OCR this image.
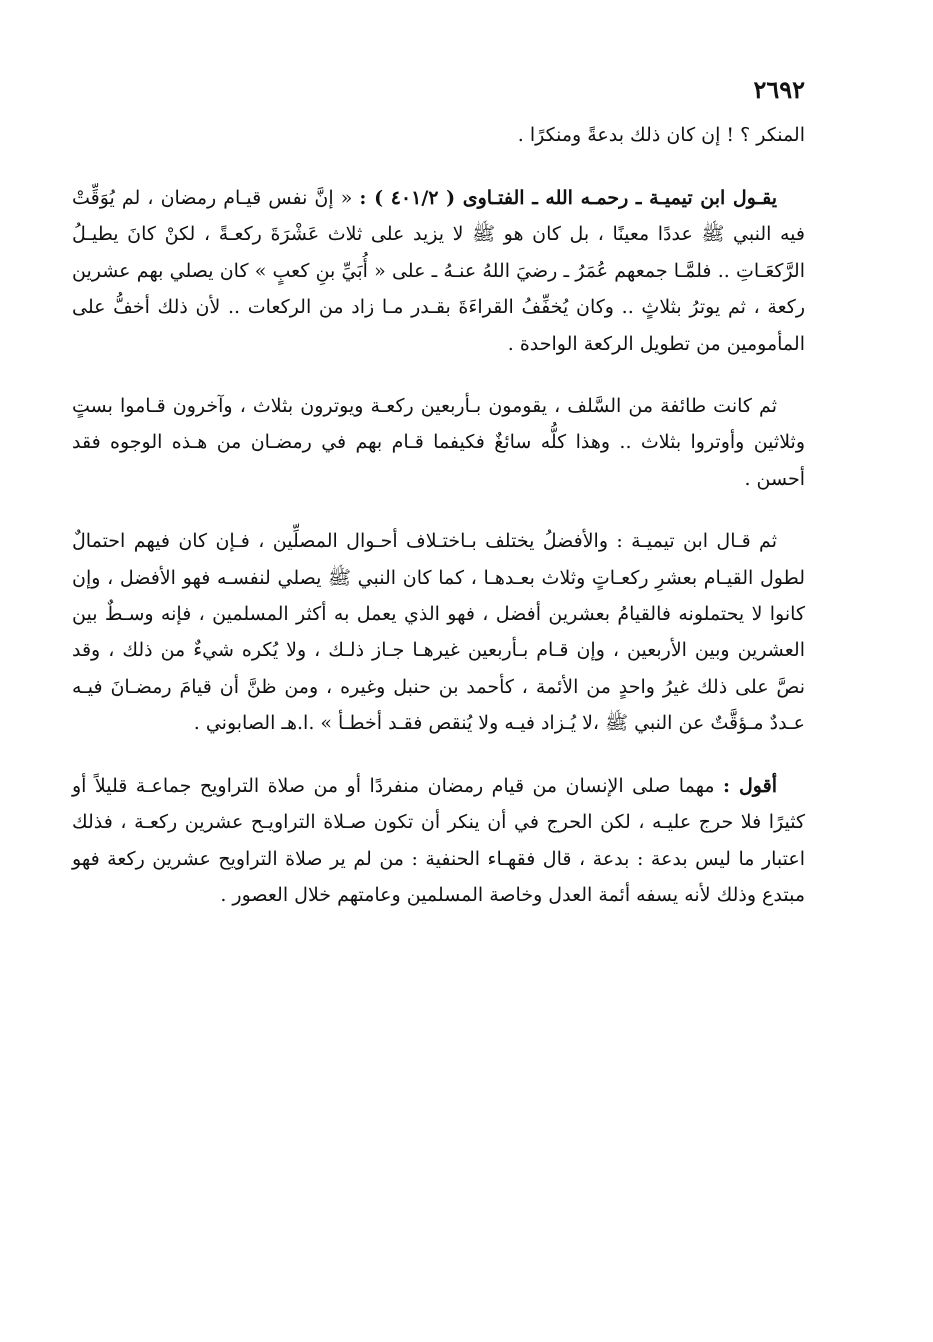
٢٦٩٢

المنكر ؟ ! إن كان ذلك بدعةً ومنكرًا .

يقـول ابن تيميـة ـ رحمـه الله ـ الفتـاوى ( ٤٠١/٢ ) : « إنَّ نفس قيـام رمضان ، لم يُوَقِّتْ فيه النبي ﷺ عددًا معينًا ، بل كان هو ﷺ لا يزيد على ثلاث عَشْرَةَ ركعـةً ، لكنْ كانَ يطيـلُ الرَّكعَـاتِ .. فلمَّـا جمعهم عُمَرُ ـ رضيَ اللهُ عنـهُ ـ على « أُبَيِّ بنِ كعبٍ » كان يصلي بهم عشرين ركعة ، ثم يوترُ بثلاثٍ .. وكان يُخفِّفُ القراءَةَ بقـدر مـا زاد من الركعات .. لأن ذلك أخفُّ على المأمومين من تطويل الركعة الواحدة .

ثم كانت طائفة من السَّلف ، يقومون بـأربعين ركعـة ويوترون بثلاث ، وآخرون قـاموا بستٍ وثلاثين وأوتروا بثلاث .. وهذا كلُّه سائغٌ فكيفما قـام بهم في رمضـان من هـذه الوجوه فقد أحسن .

ثم قـال ابن تيميـة : والأفضلُ يختلف بـاختـلاف أحـوال المصلِّين ، فـإن كان فيهم احتمالٌ لطول القيـام بعشرِ ركعـاتٍ وثلاث بعـدهـا ، كما كان النبي ﷺ يصلي لنفسـه فهو الأفضل ، وإن كانوا لا يحتملونه فالقيامُ بعشرين أفضل ، فهو الذي يعمل به أكثر المسلمين ، فإنه وسـطٌ بين العشرين وبين الأربعين ، وإن قـام بـأربعين غيرهـا جـاز ذلـك ، ولا يُكره شيءٌ من ذلك ، وقد نصَّ على ذلك غيرُ واحدٍ من الأئمة ، كأحمد بن حنبل وغيره ، ومن ظنَّ أن قيامَ رمضـانَ فيـه عـددٌ مـؤقَّتٌ عن النبي ﷺ ،لا يُـزاد فيـه ولا يُنقص فقـد أخطـأ » .ا.هـ الصابوني .

أقول : مهما صلى الإنسان من قيام رمضان منفردًا أو من صلاة التراويح جماعـة قليلاً أو كثيرًا فلا حرج عليـه ، لكن الحرج في أن ينكر أن تكون صـلاة التراويـح عشرين ركعـة ، فذلك اعتبار ما ليس بدعة : بدعة ، قال فقهـاء الحنفية : من لم ير صلاة التراويح عشرين ركعة فهو مبتدع وذلك لأنه يسفه أئمة العدل وخاصة المسلمين وعامتهم خلال العصور .
